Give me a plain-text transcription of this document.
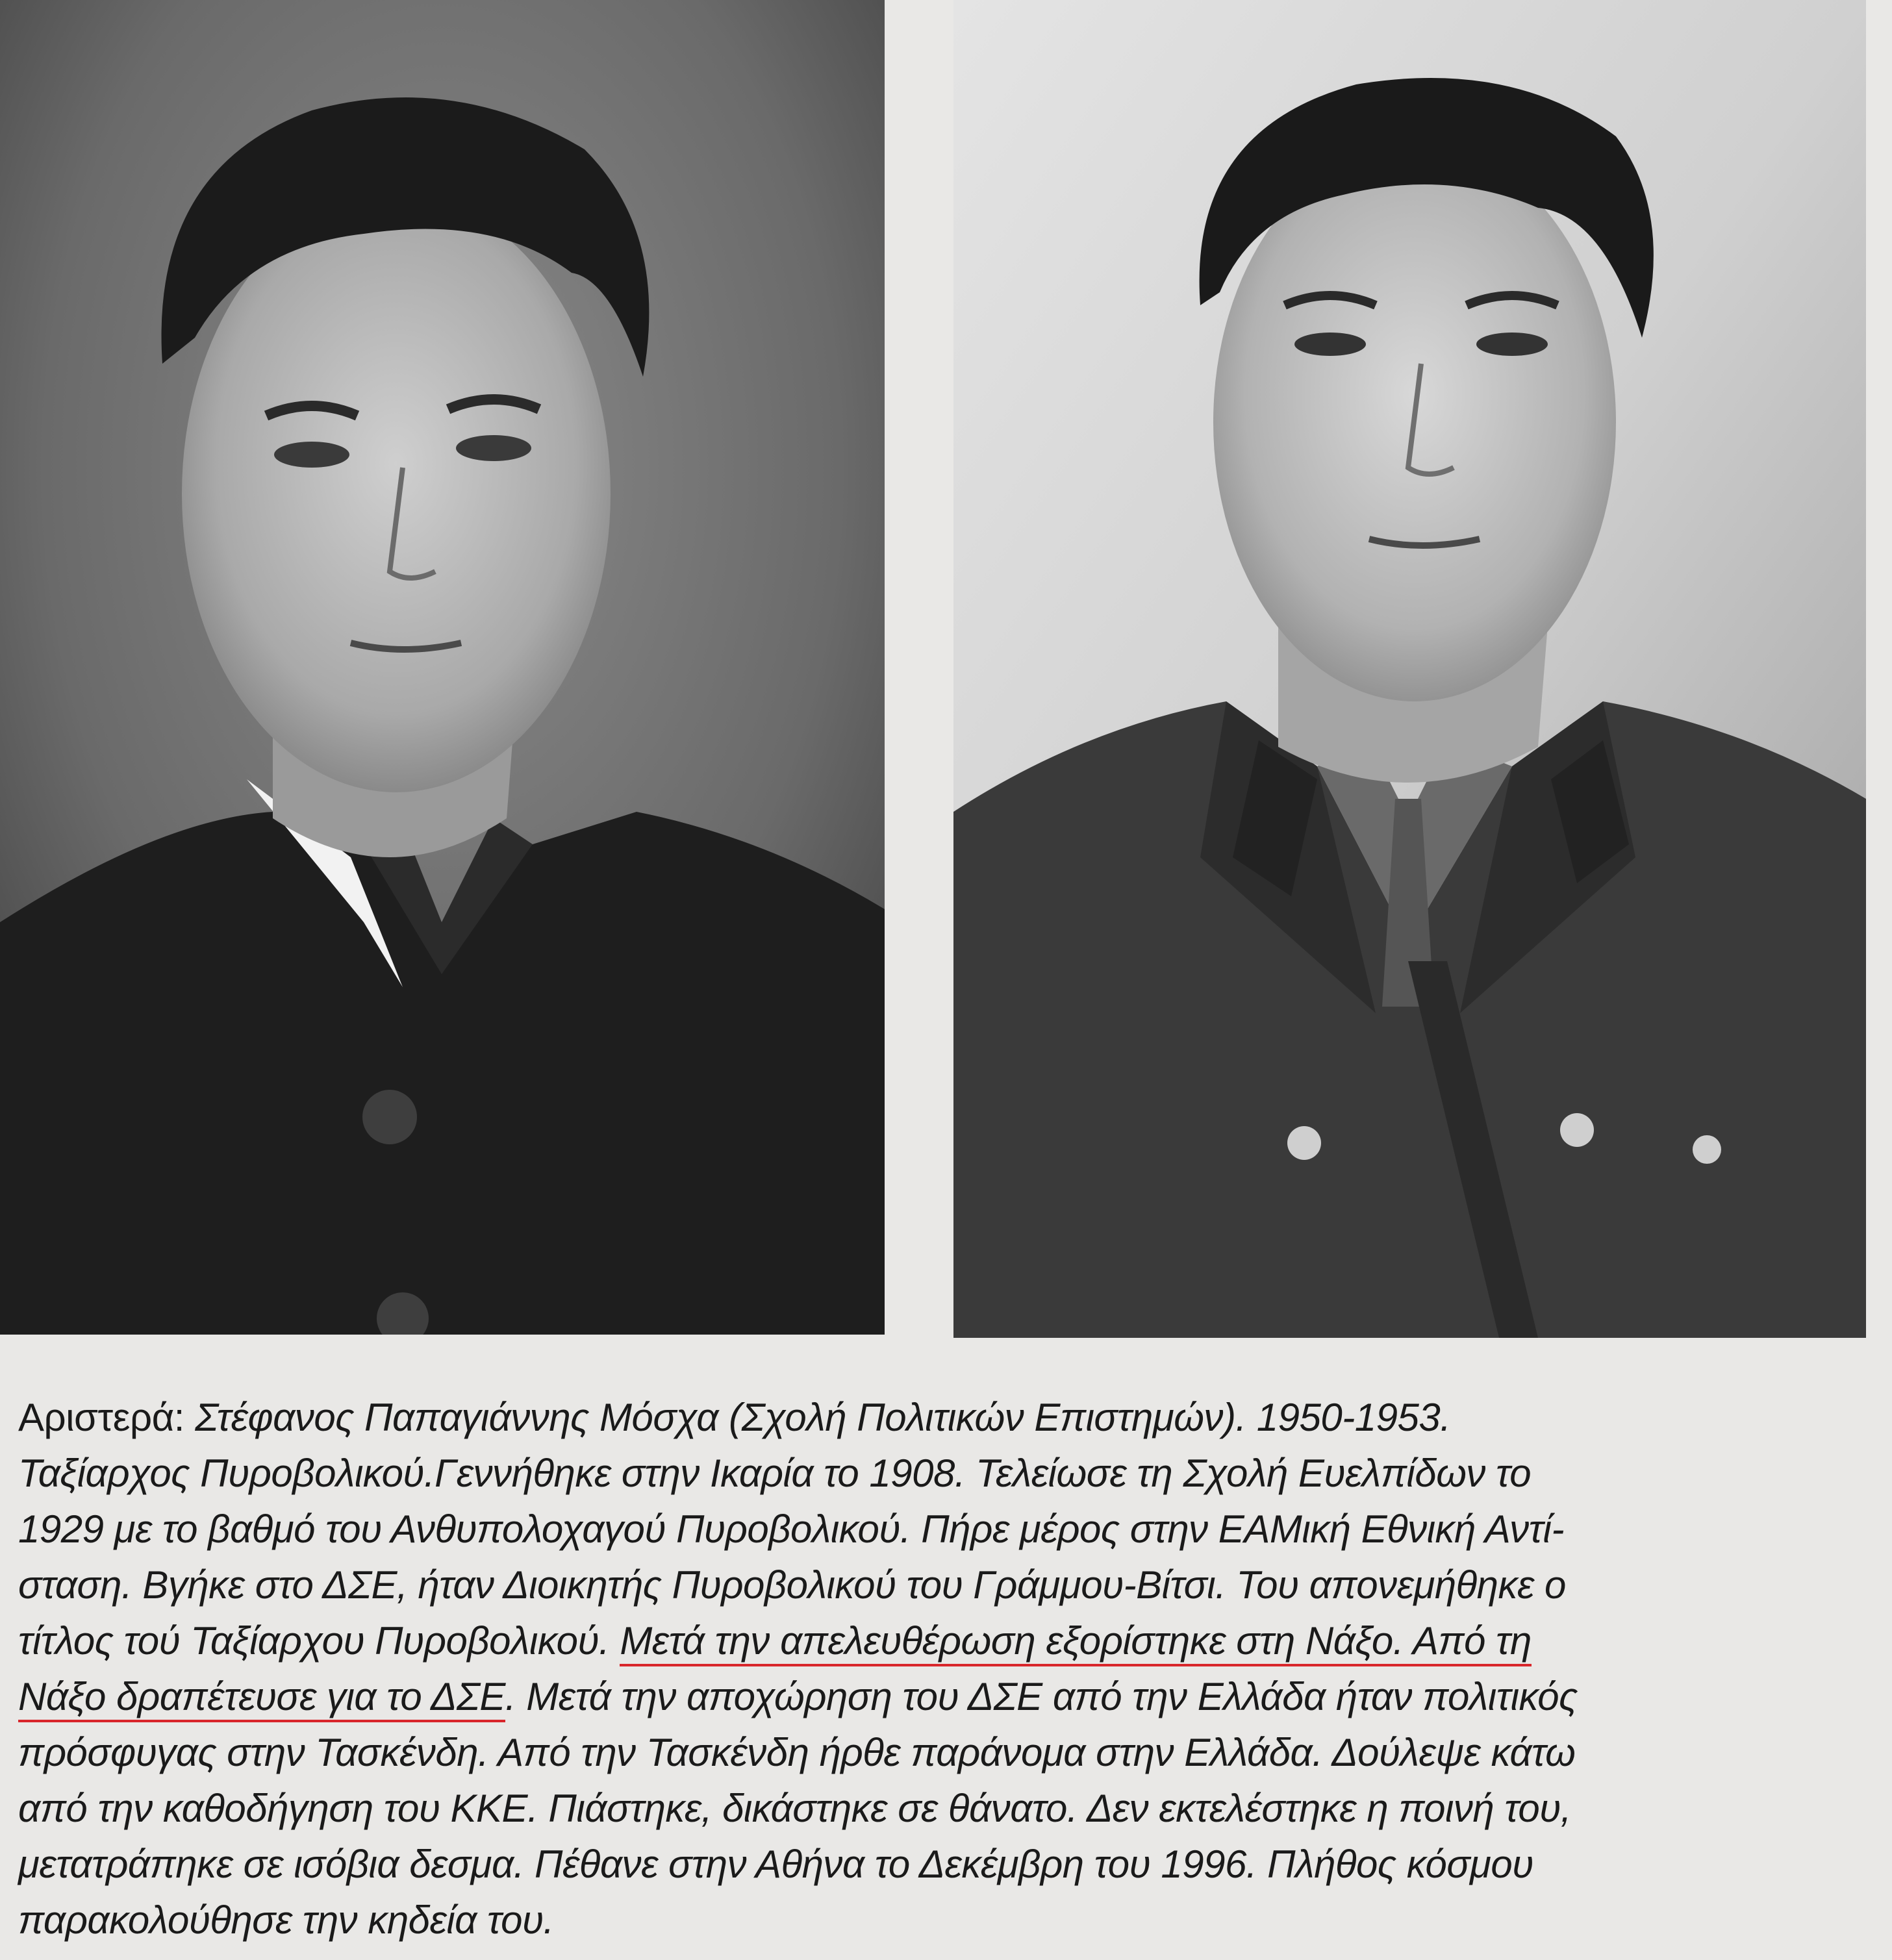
Αριστερά: Στέφανος Παπαγιάννης Μόσχα (Σχολή Πολιτικών Επιστημών). 1950-1953.
Ταξίαρχος Πυροβολικού.Γεννήθηκε στην Ικαρία το 1908. Τελείωσε τη Σχολή Ευελπίδων το
1929 με το βαθμό του Ανθυπολοχαγού Πυροβολικού. Πήρε μέρος στην ΕΑΜική Εθνική Αντί-
σταση. Βγήκε στο ΔΣΕ, ήταν Διοικητής Πυροβολικού του Γράμμου-Βίτσι. Του απονεμήθηκε ο
τίτλος τού Ταξίαρχου Πυροβολικού. Μετά την απελευθέρωση εξορίστηκε στη Νάξο. Από τη
Νάξο δραπέτευσε για το ΔΣΕ. Μετά την αποχώρηση του ΔΣΕ από την Ελλάδα ήταν πολιτικός
πρόσφυγας στην Τασκένδη. Από την Τασκένδη ήρθε παράνομα στην Ελλάδα. Δούλεψε κάτω
από την καθοδήγηση του ΚΚΕ. Πιάστηκε, δικάστηκε σε θάνατο. Δεν εκτελέστηκε η ποινή του,
μετατράπηκε σε ισόβια δεσμα. Πέθανε στην Αθήνα το Δεκέμβρη του 1996. Πλήθος κόσμου
παρακολούθησε την κηδεία του.
